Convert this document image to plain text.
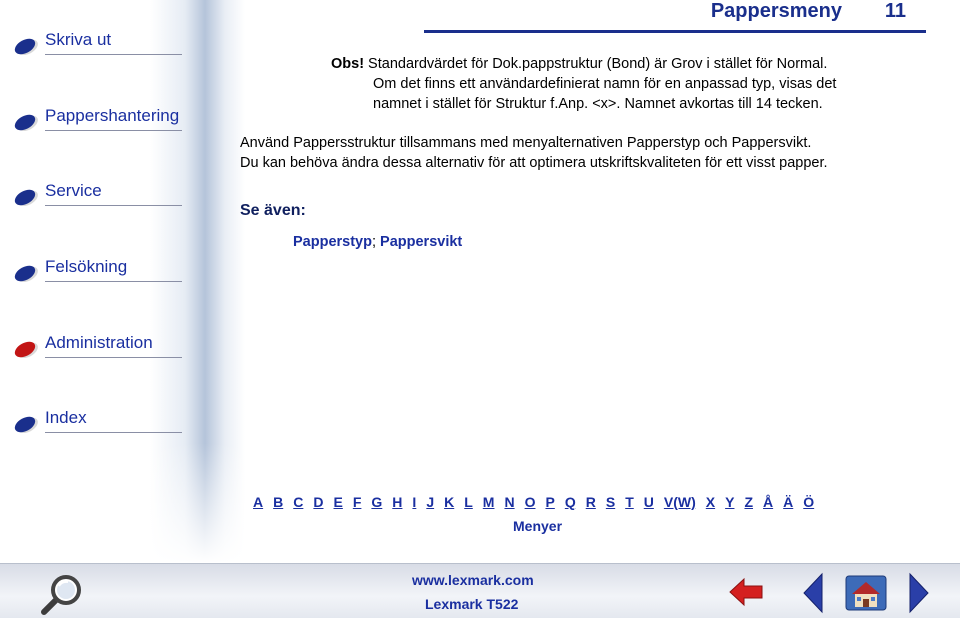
Skriva ut
Pappershantering
Service
Felsökning
Administration
Index
Pappersmeny 11
Obs! Standardvärdet för Dok.pappstruktur (Bond) är Grov i stället för Normal.
Om det finns ett användardefinierat namn för en anpassad typ, visas det
namnet i stället för Struktur f.Anp. <x>. Namnet avkortas till 14 tecken.
Använd Pappersstruktur tillsammans med menyalternativen Papperstyp och Pappersvikt.
Du kan behöva ändra dessa alternativ för att optimera utskriftskvaliteten för ett visst papper.
Se även:
Papperstyp; Pappersvikt
A B C D E F G H I J K L M N O P Q R S T U V(W) X Y Z Å Ä Ö
Menyer
www.lexmark.com
Lexmark T522
